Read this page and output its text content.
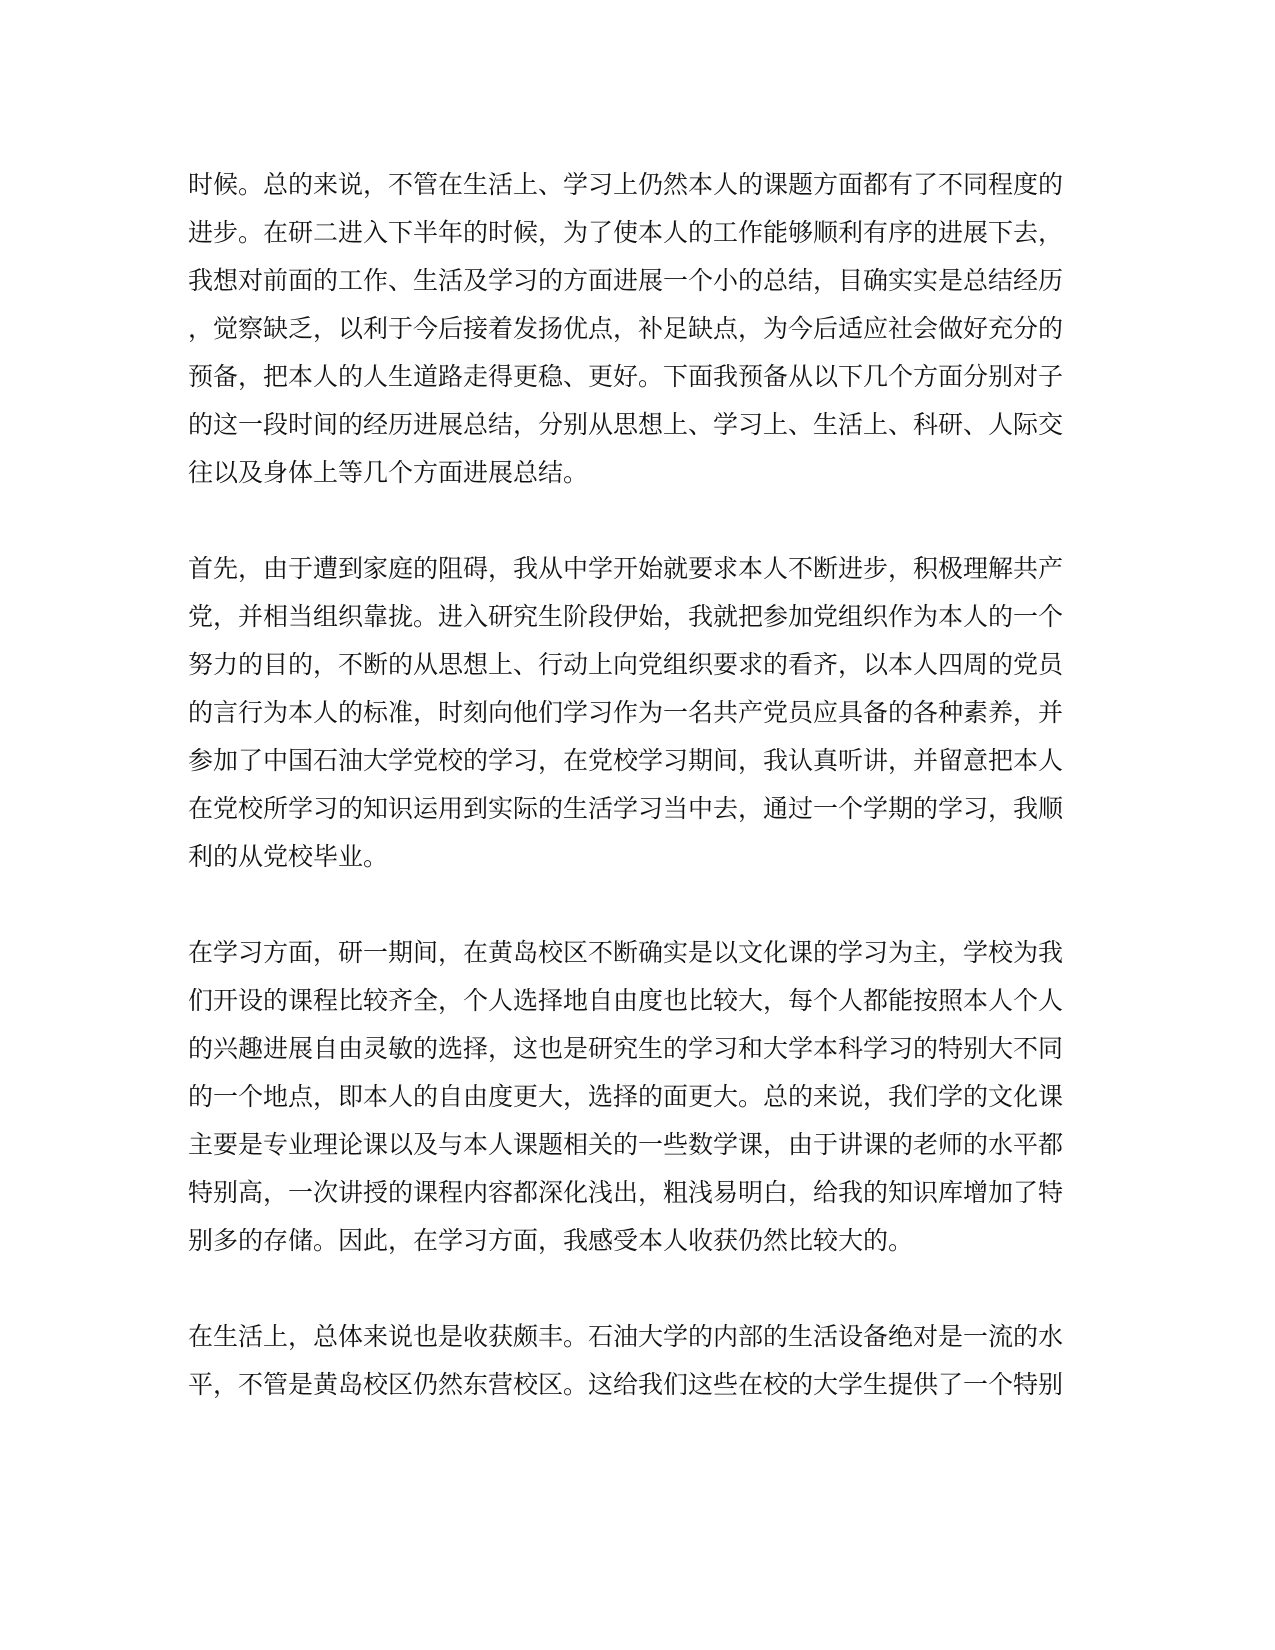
时候。总的来说，不管在生活上、学习上仍然本人的课题方面都有了不同程度的
进步。在研二进入下半年的时候，为了使本人的工作能够顺利有序的进展下去，
我想对前面的工作、生活及学习的方面进展一个小的总结，目确实实是总结经历
，觉察缺乏，以利于今后接着发扬优点，补足缺点，为今后适应社会做好充分的
预备，把本人的人生道路走得更稳、更好。下面我预备从以下几个方面分别对子
的这一段时间的经历进展总结，分别从思想上、学习上、生活上、科研、人际交
往以及身体上等几个方面进展总结。
首先，由于遭到家庭的阻碍，我从中学开始就要求本人不断进步，积极理解共产
党，并相当组织靠拢。进入研究生阶段伊始，我就把参加党组织作为本人的一个
努力的目的，不断的从思想上、行动上向党组织要求的看齐，以本人四周的党员
的言行为本人的标准，时刻向他们学习作为一名共产党员应具备的各种素养，并
参加了中国石油大学党校的学习，在党校学习期间，我认真听讲，并留意把本人
在党校所学习的知识运用到实际的生活学习当中去，通过一个学期的学习，我顺
利的从党校毕业。
在学习方面，研一期间，在黄岛校区不断确实是以文化课的学习为主，学校为我
们开设的课程比较齐全，个人选择地自由度也比较大，每个人都能按照本人个人
的兴趣进展自由灵敏的选择，这也是研究生的学习和大学本科学习的特别大不同
的一个地点，即本人的自由度更大，选择的面更大。总的来说，我们学的文化课
主要是专业理论课以及与本人课题相关的一些数学课，由于讲课的老师的水平都
特别高，一次讲授的课程内容都深化浅出，粗浅易明白，给我的知识库增加了特
别多的存储。因此，在学习方面，我感受本人收获仍然比较大的。
在生活上，总体来说也是收获颇丰。石油大学的内部的生活设备绝对是一流的水
平，不管是黄岛校区仍然东营校区。这给我们这些在校的大学生提供了一个特别
